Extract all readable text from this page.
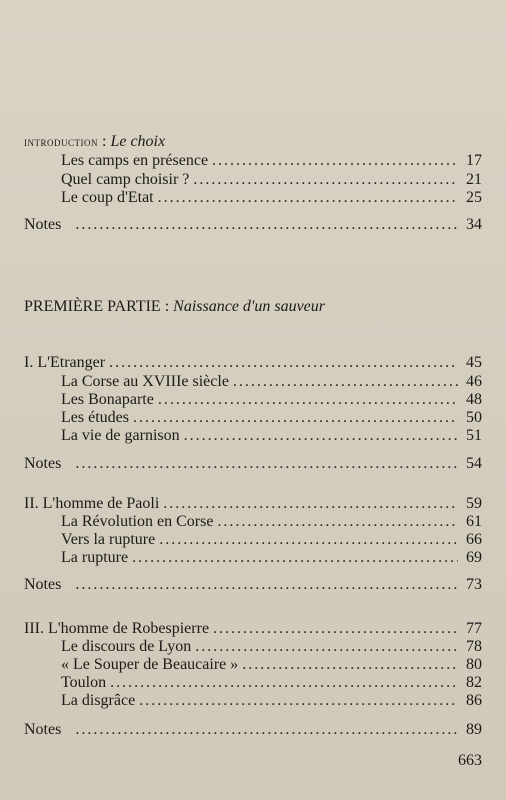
introduction : Le choix
Les camps en présence .....	17
Quel camp choisir ? .....	21
Le coup d'Etat .....	25
Notes .....	34
PREMIÈRE PARTIE : Naissance d'un sauveur
I. L'Etranger .....	45
La Corse au XVIIIe siècle .....	46
Les Bonaparte .....	48
Les études .....	50
La vie de garnison .....	51
Notes .....	54
II. L'homme de Paoli .....	59
La Révolution en Corse .....	61
Vers la rupture .....	66
La rupture .....	69
Notes .....	73
III. L'homme de Robespierre .....	77
Le discours de Lyon .....	78
« Le Souper de Beaucaire » .....	80
Toulon .....	82
La disgrâce .....	86
Notes .....	89
663
